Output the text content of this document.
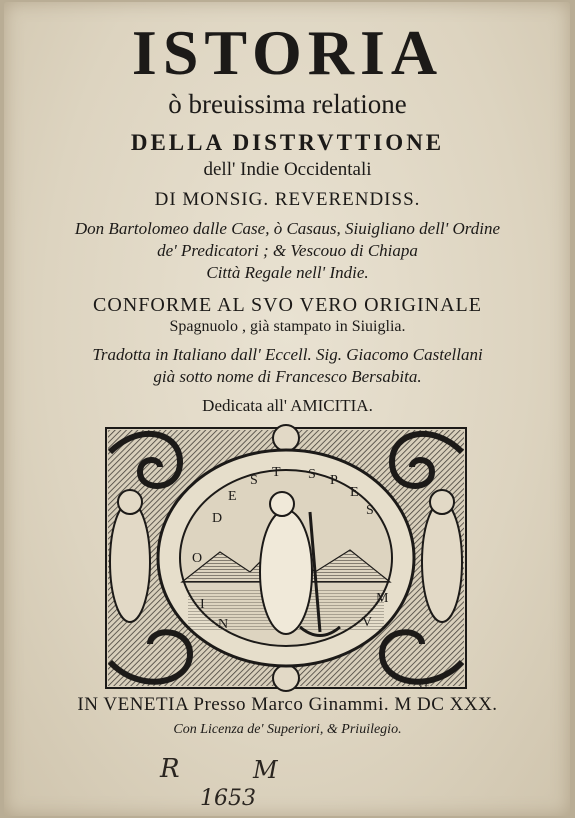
ISTORIA
ò breuissima relatione
DELLA DISTRVTTIONE
dell' Indie Occidentali
DI MONSIG. REVERENDISS.
Don Bartolomeo dalle Case, ò Casaus, Siuigliano dell' Ordine
de' Predicatori ; & Vescouo di Chiapa
Città Regale nell' Indie.
CONFORME AL SVO VERO ORIGINALE
Spagnuolo , già stampato in Siuiglia.
Tradotta in Italiano dall' Eccell. Sig. Giacomo Castellani
già sotto nome di Francesco Bersabita.
Dedicata all' AMICITIA.
D
E
S
T S P
E
S
M
V
N
I
O
V.F.
IN VENETIA Presso Marco Ginammi. M DC XXX.
Con Licenza de' Superiori, & Priuilegio.
R	M
1653
